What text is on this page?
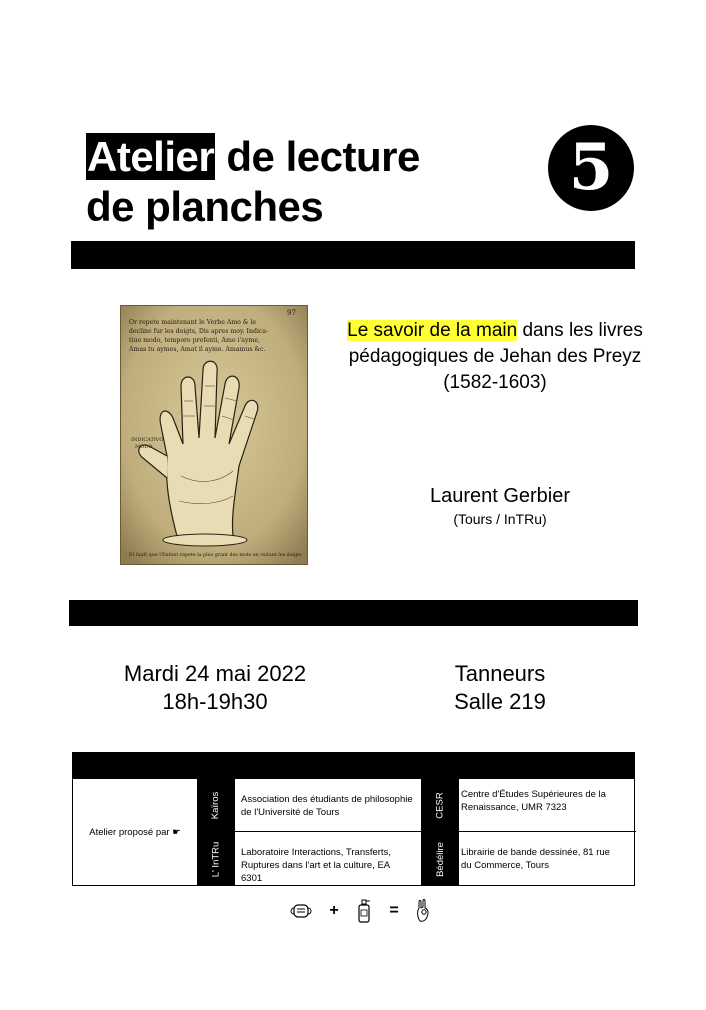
Atelier de lecture
de planches
5
97
Or repete maintenant le Verbe Amo & le
decline fur les doigts, Dis apres moy. Indica-
tiuo modo, tempore prefenti, Amo i'ayme,
Amas tu aymes, Amat il ayme. Amamus &c.
INDICATIVO
MODO.
Et fault que l'Enfant repete la plus grant des mots en vsitant les doigts
Le savoir de la main dans les livres pédagogiques de Jehan des Preyz (1582-1603)
Laurent Gerbier
(Tours / InTRu)
Mardi 24 mai 2022
18h-19h30
Tanneurs
Salle 219
Atelier proposé par ☛
Kaïros Association des étudiants de philosophie de l'Université de Tours	CESR Centre d'Études Supérieures de la Renaissance, UMR 7323
L' InTRu Laboratoire Interactions, Transferts, Ruptures dans l'art et la culture, EA 6301
Bédélire Librairie de bande dessinée, 81 rue du Commerce, Tours
+	=
